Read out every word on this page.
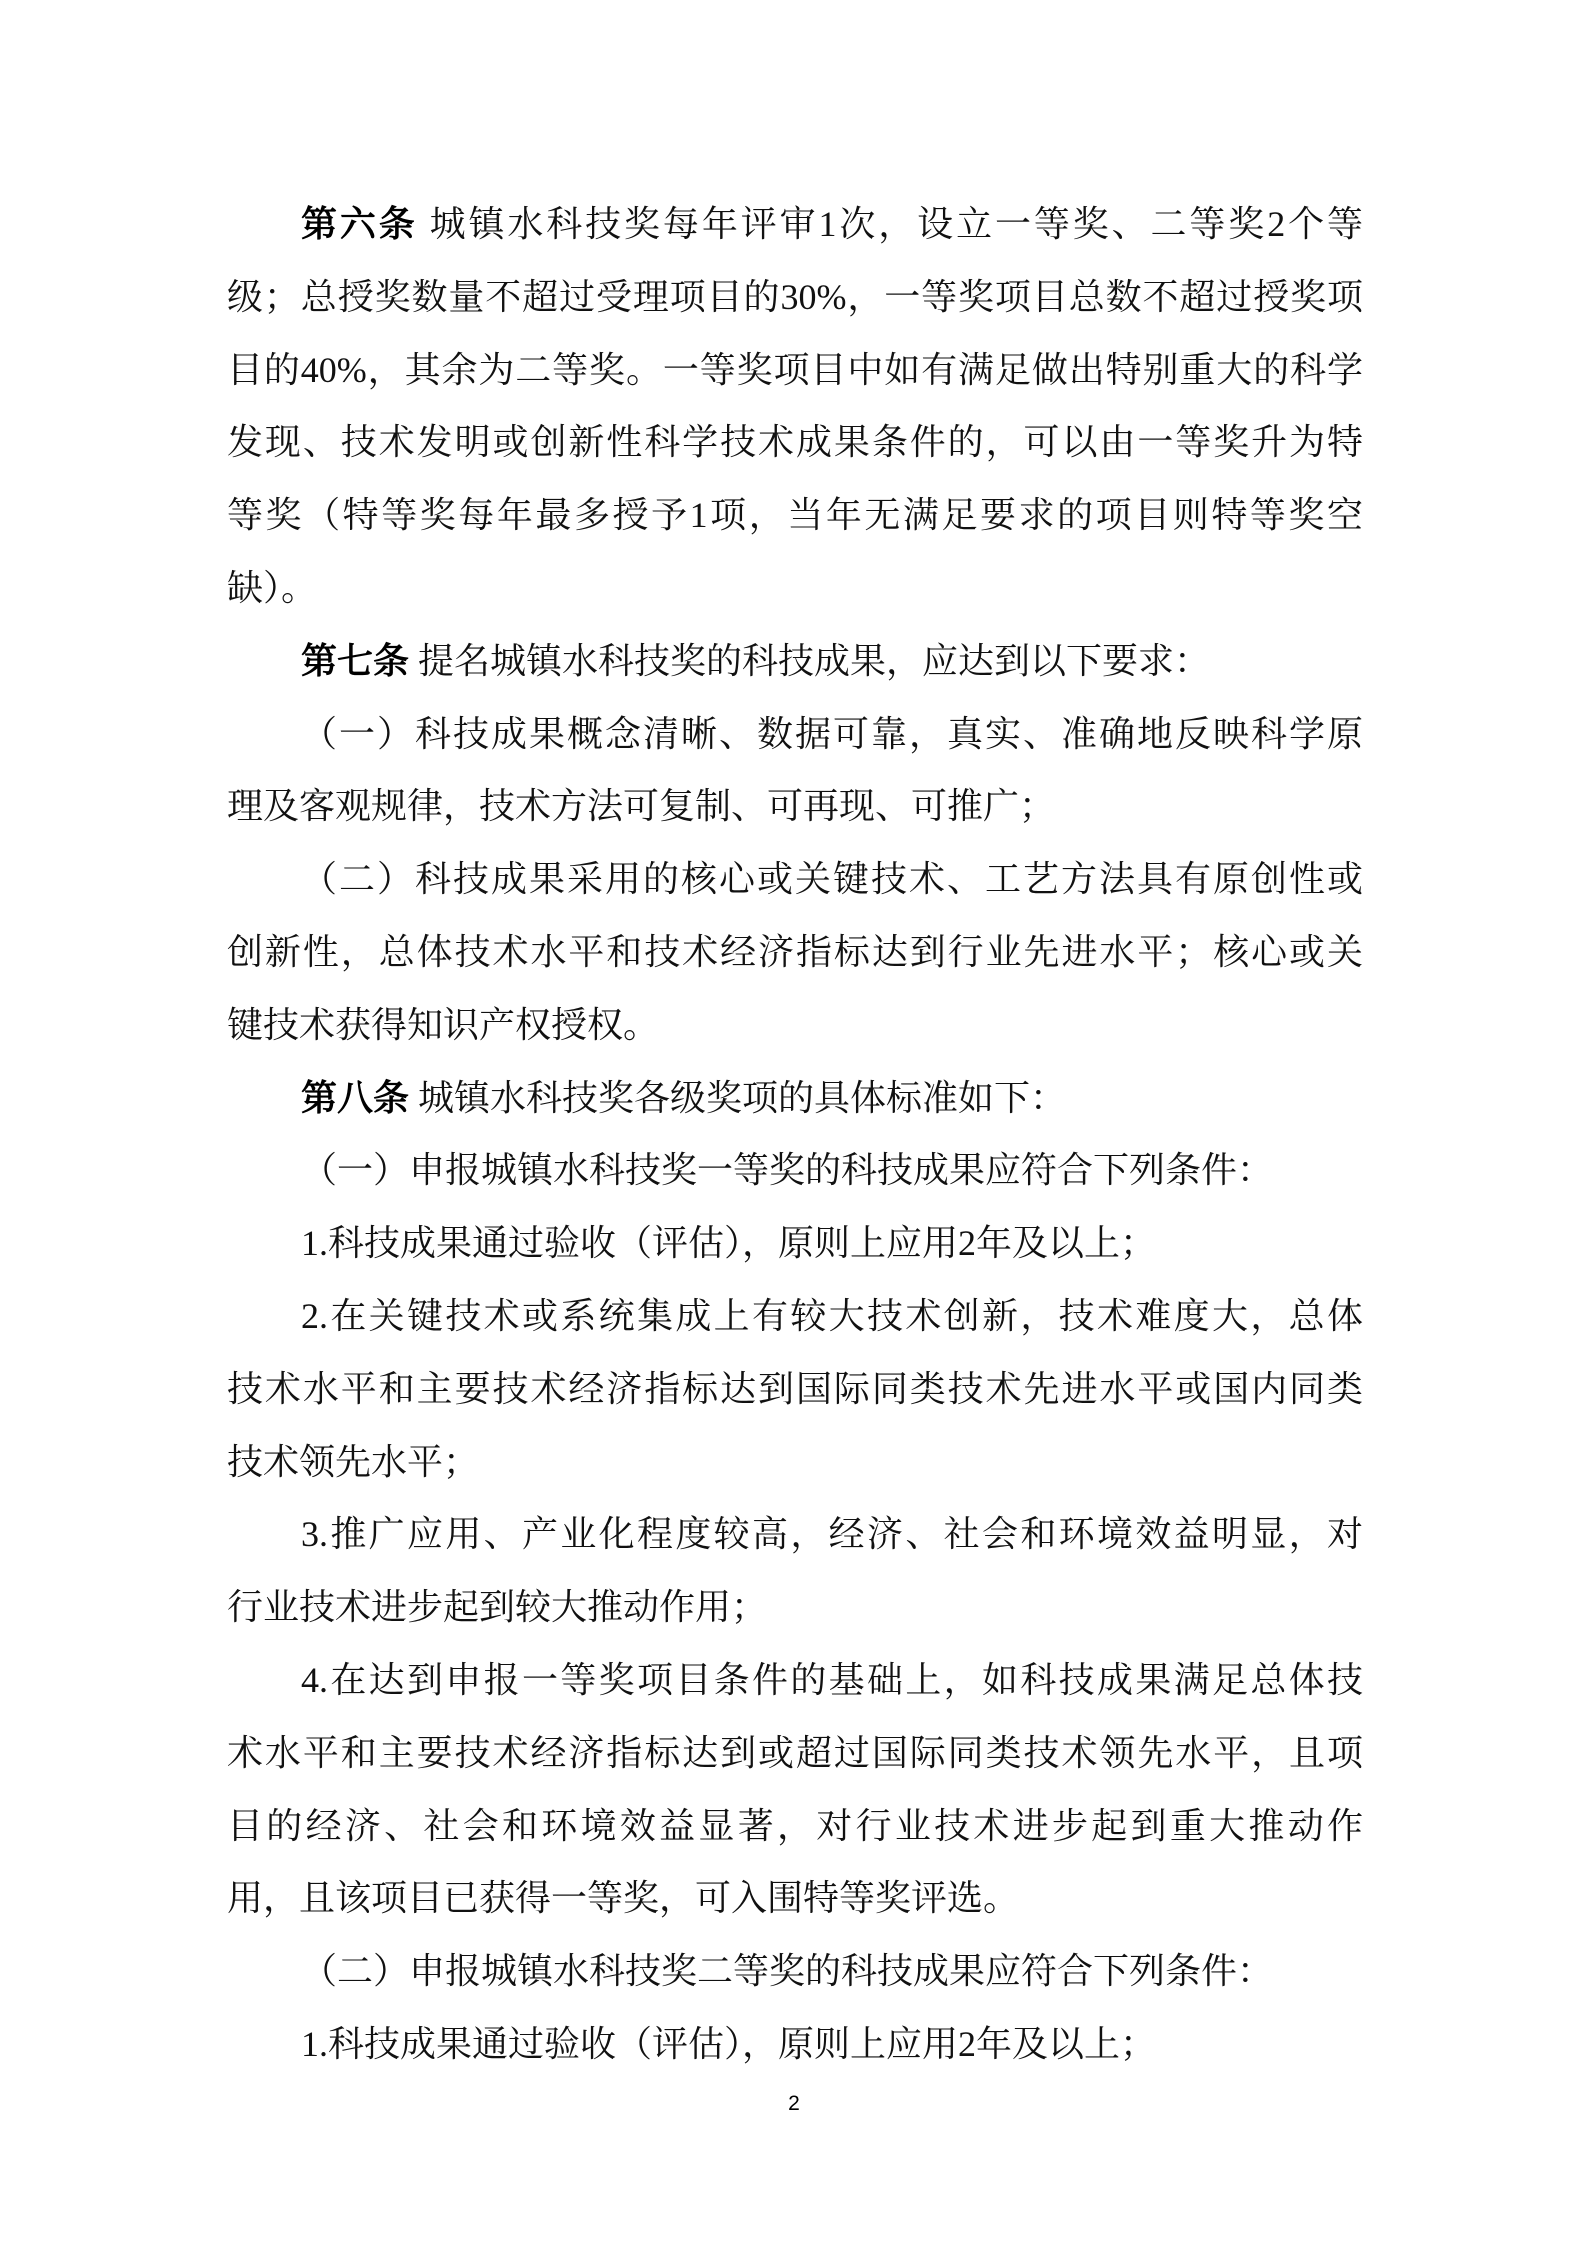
第六条 城镇水科技奖每年评审1次，设立一等奖、二等奖2个等
级；总授奖数量不超过受理项目的30%，一等奖项目总数不超过授奖项
目的40%，其余为二等奖。一等奖项目中如有满足做出特别重大的科学
发现、技术发明或创新性科学技术成果条件的，可以由一等奖升为特
等奖（特等奖每年最多授予1项，当年无满足要求的项目则特等奖空
缺）。
第七条 提名城镇水科技奖的科技成果，应达到以下要求：
（一）科技成果概念清晰、数据可靠，真实、准确地反映科学原
理及客观规律，技术方法可复制、可再现、可推广；
（二）科技成果采用的核心或关键技术、工艺方法具有原创性或
创新性，总体技术水平和技术经济指标达到行业先进水平；核心或关
键技术获得知识产权授权。
第八条 城镇水科技奖各级奖项的具体标准如下：
（一）申报城镇水科技奖一等奖的科技成果应符合下列条件：
1.科技成果通过验收（评估），原则上应用2年及以上；
2.在关键技术或系统集成上有较大技术创新，技术难度大，总体
技术水平和主要技术经济指标达到国际同类技术先进水平或国内同类
技术领先水平；
3.推广应用、产业化程度较高，经济、社会和环境效益明显，对
行业技术进步起到较大推动作用；
4.在达到申报一等奖项目条件的基础上，如科技成果满足总体技
术水平和主要技术经济指标达到或超过国际同类技术领先水平，且项
目的经济、社会和环境效益显著，对行业技术进步起到重大推动作
用，且该项目已获得一等奖，可入围特等奖评选。
（二）申报城镇水科技奖二等奖的科技成果应符合下列条件：
1.科技成果通过验收（评估），原则上应用2年及以上；
2
